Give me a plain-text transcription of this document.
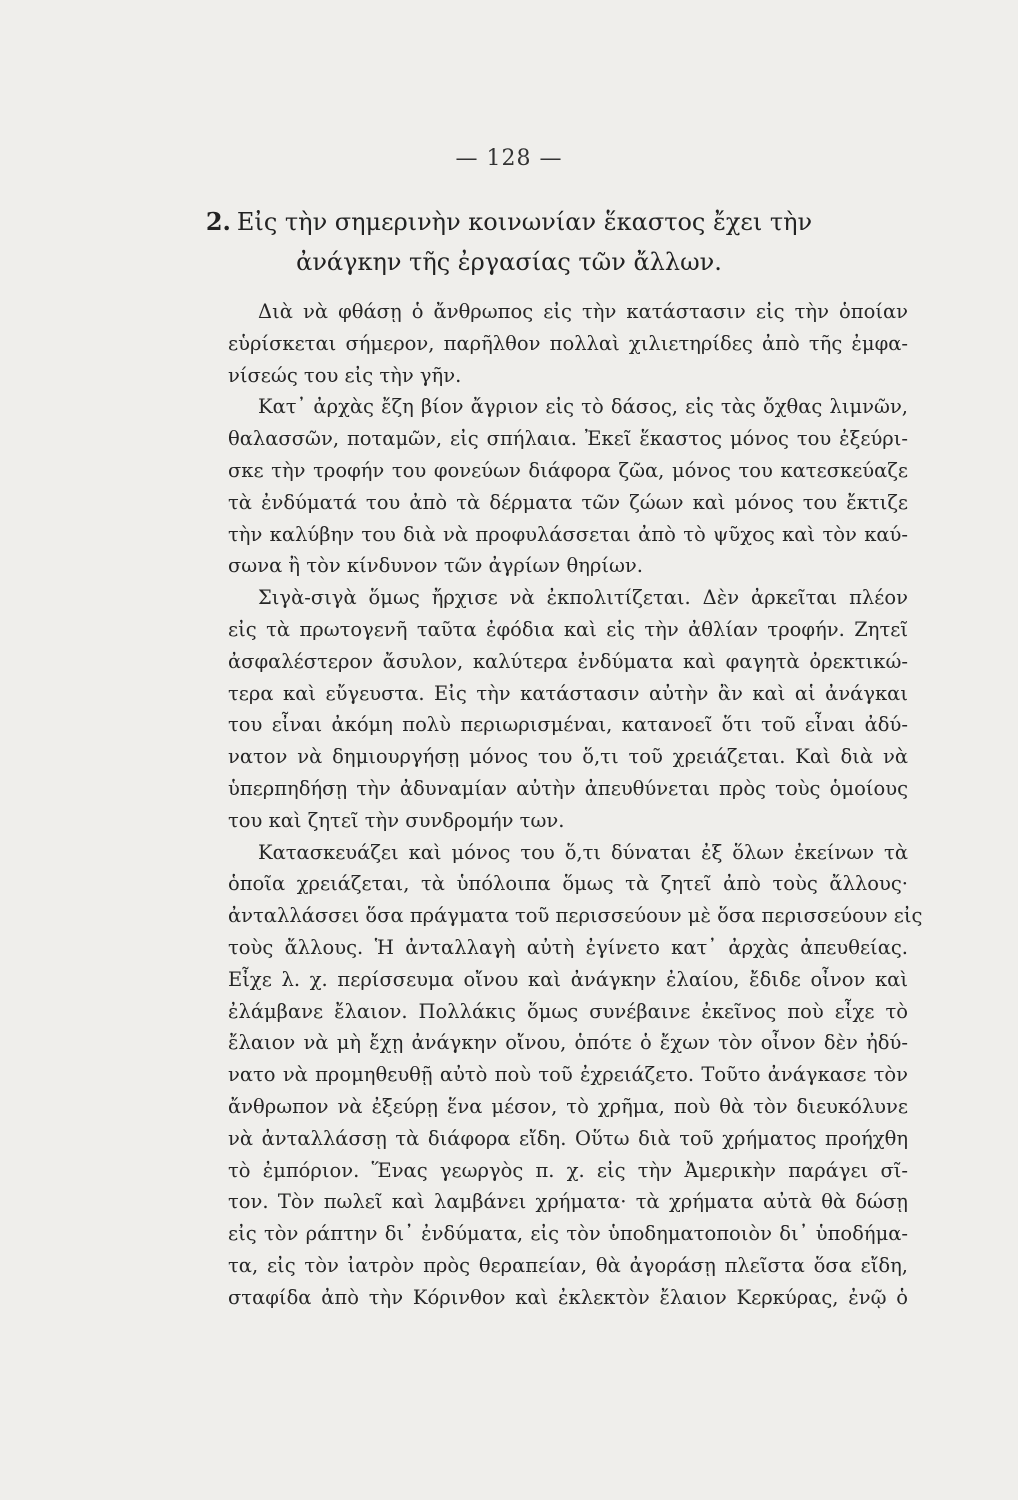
— 128 —
2. Εἰς τὴν σημερινὴν κοινωνίαν ἕκαστος ἔχει τὴν
ἀνάγκην τῆς ἐργασίας τῶν ἄλλων.

Διὰ νὰ φθάσῃ ὁ ἄνθρωπος εἰς τὴν κατάστασιν εἰς τὴν ὁποίαν
εὑρίσκεται σήμερον, παρῆλθον πολλαὶ χιλιετηρίδες ἀπὸ τῆς ἐμφα-
νίσεώς του εἰς τὴν γῆν.

Κατ᾽ ἀρχὰς ἔζη βίον ἄγριον εἰς τὸ δάσος, εἰς τὰς ὄχθας λιμνῶν,
θαλασσῶν, ποταμῶν, εἰς σπήλαια. Ἐκεῖ ἕκαστος μόνος του ἐξεύρι-
σκε τὴν τροφήν του φονεύων διάφορα ζῶα, μόνος του κατεσκεύαζε
τὰ ἐνδύματά του ἀπὸ τὰ δέρματα τῶν ζώων καὶ μόνος του ἔκτιζε
τὴν καλύβην του διὰ νὰ προφυλάσσεται ἀπὸ τὸ ψῦχος καὶ τὸν καύ-
σωνα ἢ τὸν κίνδυνον τῶν ἀγρίων θηρίων.

Σιγὰ-σιγὰ ὅμως ἤρχισε νὰ ἐκπολιτίζεται. Δὲν ἀρκεῖται πλέον
εἰς τὰ πρωτογενῆ ταῦτα ἐφόδια καὶ εἰς τὴν ἀθλίαν τροφήν. Ζητεῖ
ἀσφαλέστερον ἄσυλον, καλύτερα ἐνδύματα καὶ φαγητὰ ὀρεκτικώ-
τερα καὶ εὔγευστα. Εἰς τὴν κατάστασιν αὐτὴν ἂν καὶ αἱ ἀνάγκαι
του εἶναι ἀκόμη πολὺ περιωρισμέναι, κατανοεῖ ὅτι τοῦ εἶναι ἀδύ-
νατον νὰ δημιουργήσῃ μόνος του ὅ,τι τοῦ χρειάζεται. Καὶ διὰ νὰ
ὑπερπηδήσῃ τὴν ἀδυναμίαν αὐτὴν ἀπευθύνεται πρὸς τοὺς ὁμοίους
του καὶ ζητεῖ τὴν συνδρομήν των.

Κατασκευάζει καὶ μόνος του ὅ,τι δύναται ἐξ ὅλων ἐκείνων τὰ
ὁποῖα χρειάζεται, τὰ ὑπόλοιπα ὅμως τὰ ζητεῖ ἀπὸ τοὺς ἄλλους·
ἀνταλλάσσει ὅσα πράγματα τοῦ περισσεύουν μὲ ὅσα περισσεύουν εἰς
τοὺς ἄλλους. Ἡ ἀνταλλαγὴ αὐτὴ ἐγίνετο κατ᾽ ἀρχὰς ἀπευθείας.
Εἶχε λ. χ. περίσσευμα οἴνου καὶ ἀνάγκην ἐλαίου, ἔδιδε οἶνον καὶ
ἐλάμβανε ἔλαιον. Πολλάκις ὅμως συνέβαινε ἐκεῖνος ποὺ εἶχε τὸ
ἔλαιον νὰ μὴ ἔχῃ ἀνάγκην οἴνου, ὁπότε ὁ ἔχων τὸν οἶνον δὲν ἠδύ-
νατο νὰ προμηθευθῇ αὐτὸ ποὺ τοῦ ἐχρειάζετο. Τοῦτο ἀνάγκασε τὸν
ἄνθρωπον νὰ ἐξεύρῃ ἕνα μέσον, τὸ χρῆμα, ποὺ θὰ τὸν διευκόλυνε
νὰ ἀνταλλάσσῃ τὰ διάφορα εἴδη. Οὕτω διὰ τοῦ χρήματος προήχθη
τὸ ἐμπόριον. Ἕνας γεωργὸς π. χ. εἰς τὴν Ἀμερικὴν παράγει σῖ-
τον. Τὸν πωλεῖ καὶ λαμβάνει χρήματα· τὰ χρήματα αὐτὰ θὰ δώσῃ
εἰς τὸν ράπτην δι᾽ ἐνδύματα, εἰς τὸν ὑποδηματοποιὸν δι᾽ ὑποδήμα-
τα, εἰς τὸν ἰατρὸν πρὸς θεραπείαν, θὰ ἀγοράσῃ πλεῖστα ὅσα εἴδη,
σταφίδα ἀπὸ τὴν Κόρινθον καὶ ἐκλεκτὸν ἔλαιον Κερκύρας, ἐνῷ ὁ
